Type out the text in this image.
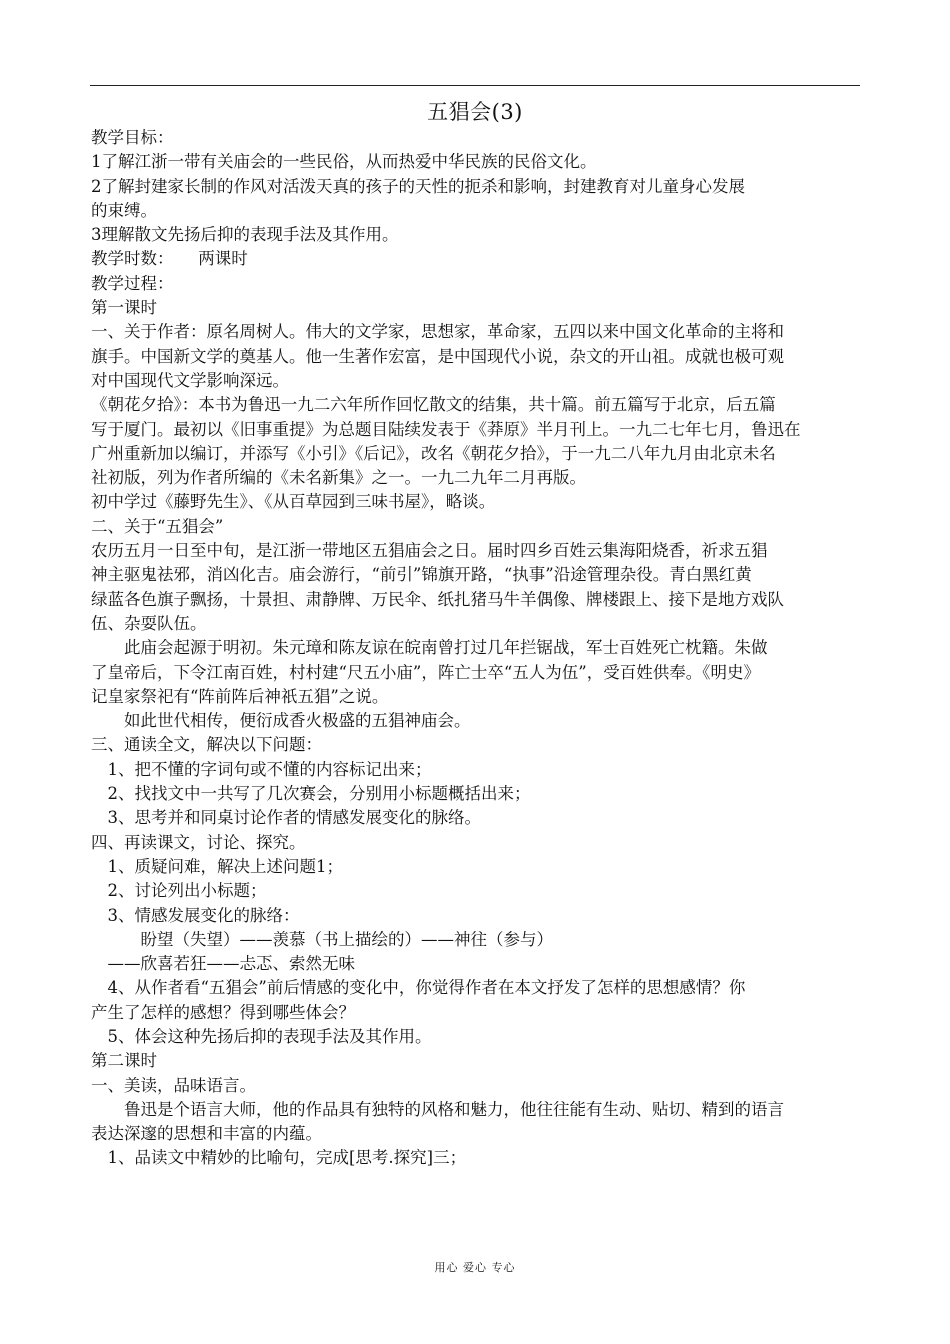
五猖会(3)
教学目标：
1了解江浙一带有关庙会的一些民俗，从而热爱中华民族的民俗文化。
2了解封建家长制的作风对活泼天真的孩子的天性的扼杀和影响，封建教育对儿童身心发展
的束缚。
3理解散文先扬后抑的表现手法及其作用。
教学时数：　　两课时
教学过程：
第一课时
一、关于作者：原名周树人。伟大的文学家，思想家，革命家，五四以来中国文化革命的主将和
旗手。中国新文学的奠基人。他一生著作宏富，是中国现代小说，杂文的开山祖。成就也极可观
对中国现代文学影响深远。
《朝花夕拾》：本书为鲁迅一九二六年所作回忆散文的结集，共十篇。前五篇写于北京，后五篇
写于厦门。最初以《旧事重提》为总题目陆续发表于《莽原》半月刊上。一九二七年七月，鲁迅在
广州重新加以编订，并添写《小引》《后记》，改名《朝花夕拾》，于一九二八年九月由北京未名
社初版，列为作者所编的《未名新集》之一。一九二九年二月再版。
初中学过《藤野先生》、《从百草园到三味书屋》，略谈。
二、关于“五猖会”
农历五月一日至中旬，是江浙一带地区五猖庙会之日。届时四乡百姓云集海阳烧香，祈求五猖
神主驱鬼祛邪，消凶化吉。庙会游行，“前引”锦旗开路，“执事”沿途管理杂役。青白黑红黄
绿蓝各色旗子飘扬，十景担、肃静牌、万民伞、纸扎猪马牛羊偶像、牌楼跟上、接下是地方戏队
伍、杂耍队伍。
　　此庙会起源于明初。朱元璋和陈友谅在皖南曾打过几年拦锯战，军士百姓死亡枕籍。朱做
了皇帝后，下令江南百姓，村村建“尺五小庙”，阵亡士卒“五人为伍”，受百姓供奉。《明史》
记皇家祭祀有“阵前阵后神祇五猖”之说。
　　如此世代相传，便衍成香火极盛的五猖神庙会。
三、通读全文，解决以下问题：
　1、把不懂的字词句或不懂的内容标记出来；
　2、找找文中一共写了几次赛会，分别用小标题概括出来；
　3、思考并和同桌讨论作者的情感发展变化的脉络。
四、再读课文，讨论、探究。
　1、质疑问难，解决上述问题1；
　2、讨论列出小标题；
　3、情感发展变化的脉络：
　　　盼望（失望）——羡慕（书上描绘的）——神往（参与）
　——欣喜若狂——忐忑、索然无味
　4、从作者看“五猖会”前后情感的变化中，你觉得作者在本文抒发了怎样的思想感情？你
产生了怎样的感想？得到哪些体会？
　5、体会这种先扬后抑的表现手法及其作用。
第二课时
一、美读，品味语言。
　　鲁迅是个语言大师，他的作品具有独特的风格和魅力，他往往能有生动、贴切、精到的语言
表达深邃的思想和丰富的内蕴。
　1、品读文中精妙的比喻句，完成[思考.探究]三；
用心 爱心 专心
